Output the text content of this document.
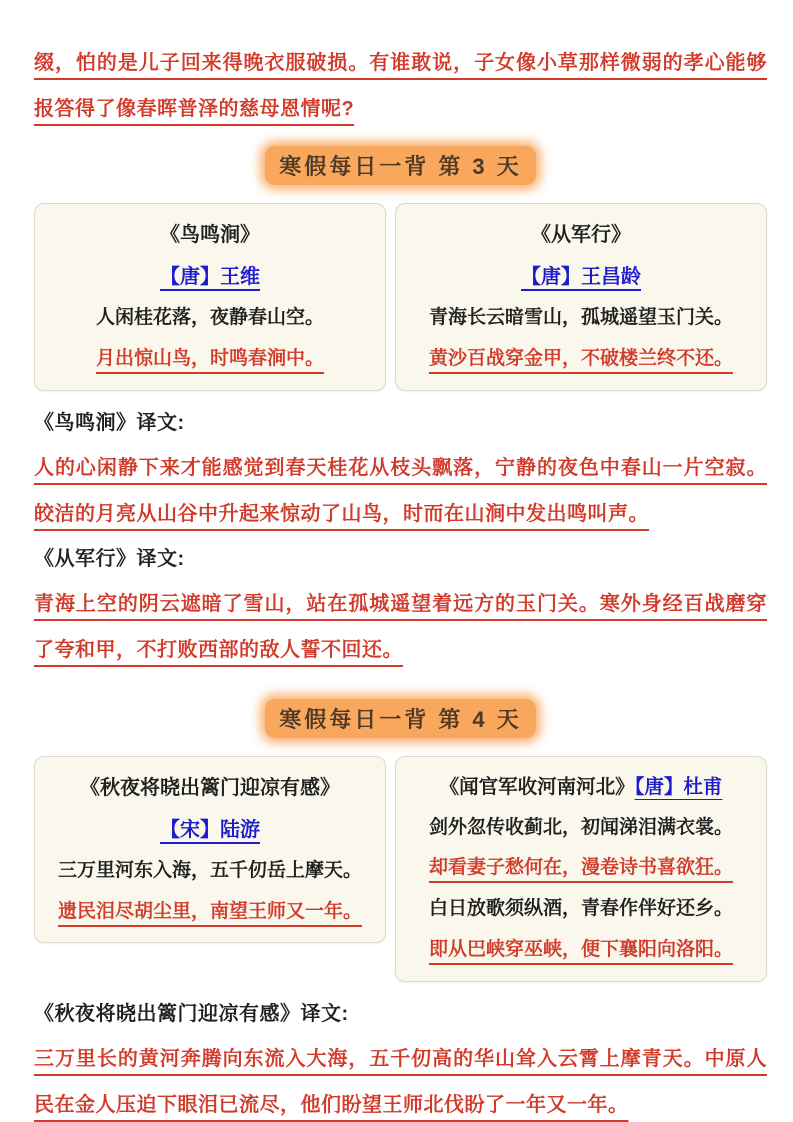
缀，怕的是儿子回来得晚衣服破损。有谁敢说，子女像小草那样微弱的孝心能够报答得了像春晖普泽的慈母恩情呢?

寒假每日一背 第 3 天
《鸟鸣涧》
【唐】王维
人闲桂花落，夜静春山空。
月出惊山鸟，时鸣春涧中。
《从军行》
【唐】王昌龄
青海长云暗雪山，孤城遥望玉门关。
黄沙百战穿金甲，不破楼兰终不还。

《鸟鸣涧》译文:

人的心闲静下来才能感觉到春天桂花从枝头飘落，宁静的夜色中春山一片空寂。皎洁的月亮从山谷中升起来惊动了山鸟，时而在山涧中发出鸣叫声。

《从军行》译文:

青海上空的阴云遮暗了雪山，站在孤城遥望着远方的玉门关。寒外身经百战磨穿了夸和甲，不打败西部的敌人誓不回还。

寒假每日一背 第 4 天
《秋夜将晓出篱门迎凉有感》
【宋】陆游
三万里河东入海，五千仞岳上摩天。
遗民泪尽胡尘里，南望王师又一年。
《闻官军收河南河北》【唐】杜甫
剑外忽传收蓟北，初闻涕泪满衣裳。
却看妻子愁何在，漫卷诗书喜欲狂。
白日放歌须纵酒，青春作伴好还乡。
即从巴峡穿巫峡，便下襄阳向洛阳。

《秋夜将晓出篱门迎凉有感》译文:

三万里长的黄河奔腾向东流入大海，五千仞高的华山耸入云霄上摩青天。中原人民在金人压迫下眼泪已流尽，他们盼望王师北伐盼了一年又一年。
